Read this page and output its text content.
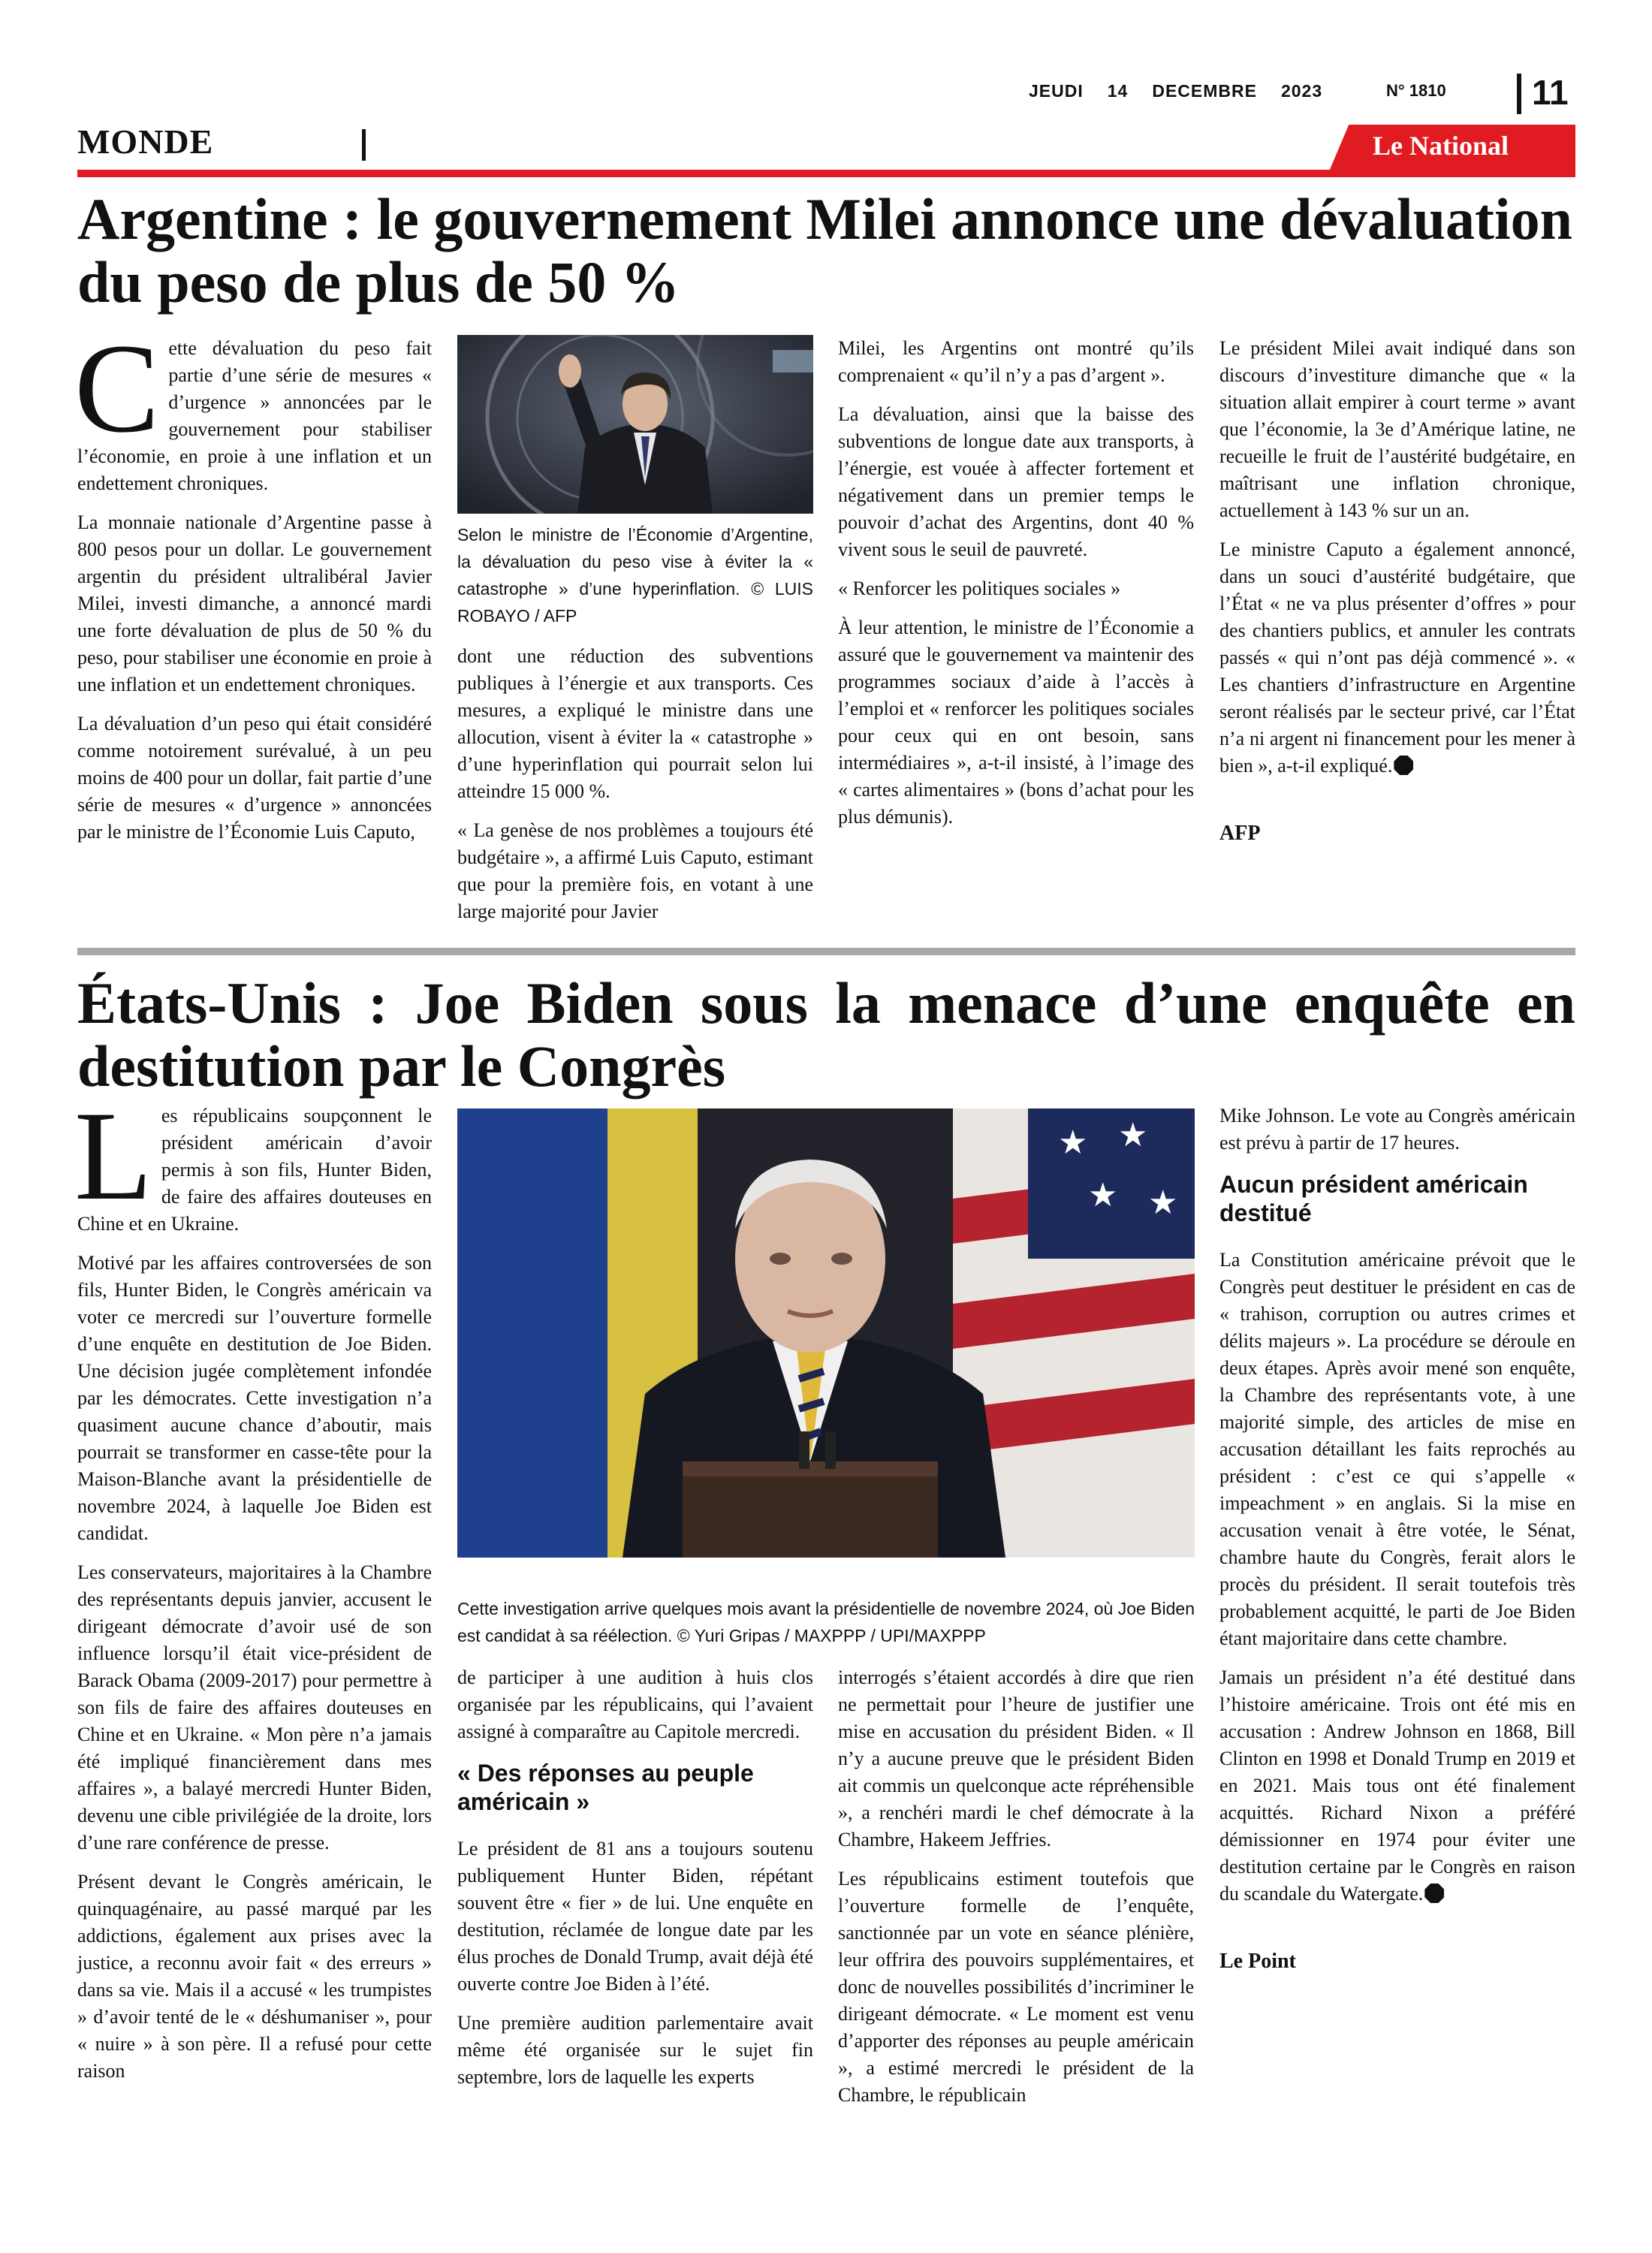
JEUDI 14 DECEMBRE 2023	N° 1810 11
MONDE	Le National
Argentine : le gouvernement Milei annonce une dévaluation du peso de plus de 50 %

Cette dévaluation du peso fait partie d’une série de mesures « d’urgence » annoncées par le gouvernement pour stabiliser l’économie, en proie à une inflation et un endettement chroniques.

La monnaie nationale d’Argentine passe à 800 pesos pour un dollar. Le gouvernement argentin du président ultralibéral Javier Milei, investi dimanche, a annoncé mardi une forte dévaluation de plus de 50 % du peso, pour stabiliser une économie en proie à une inflation et un endettement chroniques.

La dévaluation d’un peso qui était considéré comme notoirement surévalué, à un peu moins de 400 pour un dollar, fait partie d’une série de mesures « d’urgence » annoncées par le ministre de l’Économie Luis Caputo,

Selon le ministre de l’Économie d’Argentine, la dévaluation du peso vise à éviter la « catastrophe » d’une hyperinflation. © LUIS ROBAYO / AFP

dont une réduction des subventions publiques à l’énergie et aux transports. Ces mesures, a expliqué le ministre dans une allocution, visent à éviter la « catastrophe » d’une hyperinflation qui pourrait selon lui atteindre 15 000 %.

« La genèse de nos problèmes a toujours été budgétaire », a affirmé Luis Caputo, estimant que pour la première fois, en votant à une large majorité pour Javier

Milei, les Argentins ont montré qu’ils comprenaient « qu’il n’y a pas d’argent ».

La dévaluation, ainsi que la baisse des subventions de longue date aux transports, à l’énergie, est vouée à affecter fortement et négativement dans un premier temps le pouvoir d’achat des Argentins, dont 40 % vivent sous le seuil de pauvreté.

« Renforcer les politiques sociales »

À leur attention, le ministre de l’Économie a assuré que le gouvernement va maintenir des programmes sociaux d’aide à l’accès à l’emploi et « renforcer les politiques sociales pour ceux qui en ont besoin, sans intermédiaires », a-t-il insisté, à l’image des « cartes alimentaires » (bons d’achat pour les plus démunis).

Le président Milei avait indiqué dans son discours d’investiture dimanche que « la situation allait empirer à court terme » avant que l’économie, la 3e d’Amérique latine, ne recueille le fruit de l’austérité budgétaire, en maîtrisant une inflation chronique, actuellement à 143 % sur un an.

Le ministre Caputo a également annoncé, dans un souci d’austérité budgétaire, que l’État « ne va plus présenter d’offres » pour des chantiers publics, et annuler les contrats passés « qui n’ont pas déjà commencé ». « Les chantiers d’infrastructure en Argentine seront réalisés par le secteur privé, car l’État n’a ni argent ni financement pour les mener à bien », a-t-il expliqué.

AFP

États-Unis : Joe Biden sous la menace d’une enquête en destitution par le Congrès

Les républicains soupçonnent le président américain d’avoir permis à son fils, Hunter Biden, de faire des affaires douteuses en Chine et en Ukraine.

Motivé par les affaires controversées de son fils, Hunter Biden, le Congrès américain va voter ce mercredi sur l’ouverture formelle d’une enquête en destitution de Joe Biden. Une décision jugée complètement infondée par les démocrates. Cette investigation n’a quasiment aucune chance d’aboutir, mais pourrait se transformer en casse-tête pour la Maison-Blanche avant la présidentielle de novembre 2024, à laquelle Joe Biden est candidat.

Les conservateurs, majoritaires à la Chambre des représentants depuis janvier, accusent le dirigeant démocrate d’avoir usé de son influence lorsqu’il était vice-président de Barack Obama (2009-2017) pour permettre à son fils de faire des affaires douteuses en Chine et en Ukraine. « Mon père n’a jamais été impliqué financièrement dans mes affaires », a balayé mercredi Hunter Biden, devenu une cible privilégiée de la droite, lors d’une rare conférence de presse.

Présent devant le Congrès américain, le quinquagénaire, au passé marqué par les addictions, également aux prises avec la justice, a reconnu avoir fait « des erreurs » dans sa vie. Mais il a accusé « les trumpistes » d’avoir tenté de le « déshumaniser », pour « nuire » à son père. Il a refusé pour cette raison

★ ★
★ ★
Cette investigation arrive quelques mois avant la présidentielle de novembre 2024, où Joe Biden est candidat à sa réélection. © Yuri Gripas / MAXPPP / UPI/MAXPPP

de participer à une audition à huis clos organisée par les républicains, qui l’avaient assigné à comparaître au Capitole mercredi.

« Des réponses au peuple américain »

Le président de 81 ans a toujours soutenu publiquement Hunter Biden, répétant souvent être « fier » de lui. Une enquête en destitution, réclamée de longue date par les élus proches de Donald Trump, avait déjà été ouverte contre Joe Biden à l’été.

Une première audition parlementaire avait même été organisée sur le sujet fin septembre, lors de laquelle les experts

interrogés s’étaient accordés à dire que rien ne permettait pour l’heure de justifier une mise en accusation du président Biden. « Il n’y a aucune preuve que le président Biden ait commis un quelconque acte répréhensible », a renchéri mardi le chef démocrate à la Chambre, Hakeem Jeffries.

Les républicains estiment toutefois que l’ouverture formelle de l’enquête, sanctionnée par un vote en séance plénière, leur offrira des pouvoirs supplémentaires, et donc de nouvelles possibilités d’incriminer le dirigeant démocrate. « Le moment est venu d’apporter des réponses au peuple américain », a estimé mercredi le président de la Chambre, le républicain

Mike Johnson. Le vote au Congrès américain est prévu à partir de 17 heures.

Aucun président américain destitué

La Constitution américaine prévoit que le Congrès peut destituer le président en cas de « trahison, corruption ou autres crimes et délits majeurs ». La procédure se déroule en deux étapes. Après avoir mené son enquête, la Chambre des représentants vote, à une majorité simple, des articles de mise en accusation détaillant les faits reprochés au président : c’est ce qui s’appelle « impeachment » en anglais. Si la mise en accusation venait à être votée, le Sénat, chambre haute du Congrès, ferait alors le procès du président. Il serait toutefois très probablement acquitté, le parti de Joe Biden étant majoritaire dans cette chambre.

Jamais un président n’a été destitué dans l’histoire américaine. Trois ont été mis en accusation : Andrew Johnson en 1868, Bill Clinton en 1998 et Donald Trump en 2019 et en 2021. Mais tous ont été finalement acquittés. Richard Nixon a préféré démissionner en 1974 pour éviter une destitution certaine par le Congrès en raison du scandale du Watergate.

Le Point
